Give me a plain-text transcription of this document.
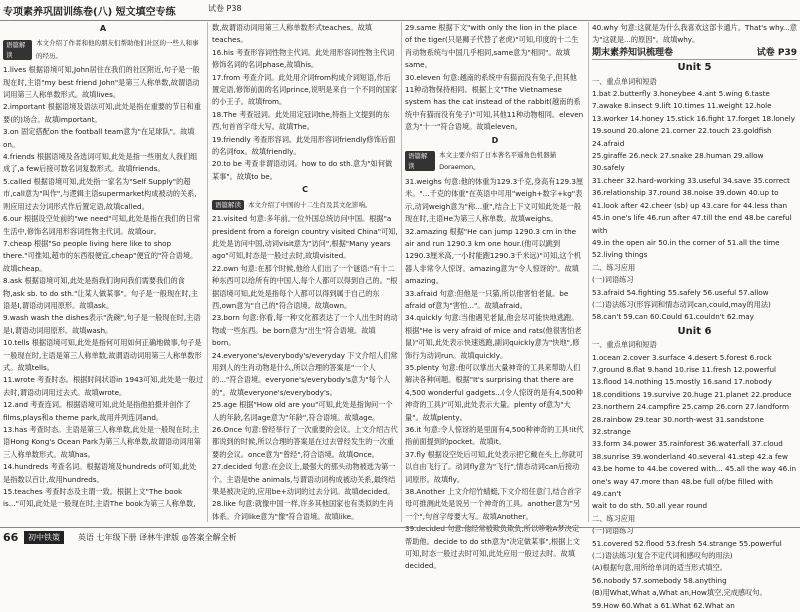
专项素养巩固训练卷(八) 短文填空专练	试卷 P38
A
语篇解读
本文介绍了作者和他的朋友们帮助他们社区的一些人和事的经历。

1.lives 根据语境可知,John居住在我们的社区附近,句子是一般现在时,主语"my best friend John"是第三人称单数,故谓语动词用第三人称单数形式。故填lives。

2.important 根据语境及语法可知,此处是指在重要的节日和重要(的)场合。故填important。

3.on 固定搭配on the football team意为"在足球队"。故填on。

4.friends 根据语境及各选词可知,此处是指一些朋友人我们组成了,a few后接可数名词复数形式。故填friends。

5.called 根据语境可知,此处指一家名为"Self Supply"的超市,call意为"叫作",与逻辑主语supermarket构成被动的关系,则应用过去分词形式作后置定语,故填called。

6.our 根据设空处前的"we need"可知,此处是指在我们的日常生活中,修饰名词用形容词性物主代词。故填our。

7.cheap 根据"So people living here like to shop there."可推知,超市的东西很便宜,cheap"便宜的"符合语境。故填cheap。

8.ask 根据语境可知,此处是指我们询问我们需要我们的食物,ask sb. to do sth."让某人做某事"。句子是一般现在时,主语是I,谓语动词用原形。故填ask。

9.wash wash the dishes表示"洗碗",句子是一般现在时,主语是I,谓语动词用原形。故填wash。

10.tells 根据语境可知,此处是指何可用如何正确地做事,句子是一般现在时,主语是第三人称单数,故谓语动词用第三人称单数形式。故填tells。

11.wrote 考查时态。根据时间状语in 1943可知,此处是一般过去时,谓语动词用过去式。故填wrote。

12.and 考查连词。根据语境可知,此处是指他拍摄并创作了films,plays和a theme park,故用并列连词and。

13.has 考查时态。主语是第三人称单数,此处是一般现在时,主语Hong Kong's Ocean Park为第三人称单数,故谓语动词用第三人称单数形式。故填has。

14.hundreds 考查名词。根据语境及hundreds of可知,此处是指数以百计,故用hundreds。

15.teaches 考查时态及主谓一致。根据上文"The book is..."可知,此处是一般现在时,主语The book为第三人称单数,

数,故谓语动词用第三人称单数形式teaches。故填teaches。

16.his 考查形容词性物主代词。此处用形容词性物主代词修饰名词的名词phase,故填his。

17.from 考查介词。此处用介词from构成介词短语,作后置定语,修饰前面的名词prince,说明是来自一个不同的国家的小王子。故填from。

18.The 考查冠词。此处用定冠词the,特指上文提到的东西,句首首字母大写。故填The。

19.friendly 考查形容词。此处用形容词friendly修饰后面的名词fox。故填friendly。

20.to be 考查非谓语动词。how to do sth.意为"如何做某事"。故填to be。

C
语篇解读	本文介绍了中国的十二生肖及其文化影响。

21.visited 句意:多年前,一位外国总统访问中国。根据"a president from a foreign country visited China"可知,此处是访问中国,动词visit意为"访问",根据"Many years ago"可知,时态是一般过去时,故填visited。

22.own 句意:在那个时候,他给人们出了一个谜语:"有十二种东西可以给所有的中国人,每个人都可以得到自己的。"根据语境可知,此处是指每个人都可以得到属于自己的东西,own意为"自己的"符合语境。故填own。

23.born 句意:你看,每一种文化都表达了一个人出生时的动物或一些东西。be born意为"出生"符合语境。故填born。

24.everyone's/everybody's/everyday 下文介绍人们常用到人的生肖动物是什么,所以合理的答案是"一个人的..."符合语境。everyone's/everybody's意为"每个人的"。故填everyone's/everybody's。

25.age 根据"How old are you"可知,此处是指询问一个人的年龄,名词age意为"年龄",符合语境。故填age。

26.Once 句意:曾经举行了一次重要的会议。上文介绍古代都说到的时候,所以合理的答案是在过去曾经发生的一次重要的会议。once意为"曾经",符合语境。故填Once。

27.decided 句意:在会议上,最强大的那头动物被选为第一个。主语是the animals,与谓语动词构成被动关系,最终结果是被决定的,应用be+动词的过去分词。故填decided。

28.like 句意:就像中国一样,许多其他国家也有类似的生肖体系。介词like意为"像"符合语境。故填like。

29.same 根据下文"with only the lion in the place of the tiger(只是狮子代替了老虎)"可知,印度的十二生肖动物系统与中国几乎相同,same意为"相同"。故填same。

30.eleven 句意:越南的系统中有猫而没有兔子,但其他11种动物保持相同。根据上文"The Vietnamese system has the cat instead of the rabbit(越南的系统中有猫而没有兔子)"可知,其他11种动物相同。eleven意为"十一"符合语境。故填eleven。

D
语篇解读
本文主要介绍了日本著名平遥角色机器猫Doraemon。

31.weighs 句意:他的体重为129.3千克,身高有129.3厘米。"...千克的体重"在英语中可用"weigh+数字+kg"表示,动词weigh意为"称...重",结合上下文可知此处是一般现在时,主语He为第三人称单数。故填weighs。

32.amazing 根据"He can jump 1290.3 cm in the air and run 1290.3 km one hour.(他可以跳到1290.3厘米高,一小时能跑1290.3千米远)"可知,这个机器人非常令人惊讶。amazing意为"令人惊讶的"。故填amazing。

33.afraid 句意:但他是一只猫,所以他害怕老鼠。be afraid of意为"害怕..."。故填afraid。

34.quickly 句意:当他遇见老鼠,他会尽可能快地逃跑。根据"He is very afraid of mice and rats(他很害怕老鼠)"可知,此处表示快速逃跑,副词quickly意为"快地",修饰行为动词run。故填quickly。

35.plenty 句意:他可以掌出大量神奇的工具来帮助人们解决各种问题。根据"It's surprising that there are 4,500 wonderful gadgets...(令人惊讶的是有4,500种神奇的工具)"可知,此处表示大量。plenty of意为"大量"。故填plenty。

36.it 句意:令人惊讶的是里面有4,500种神奇的工具!it代指前面提到的pocket。故填it。

37.fly 根据设空处后可知,此处表示把它戴在头上,你就可以自由飞行了。动词fly意为"飞行",情态动词can后接动词原形。故填fly。

38.Another 上文介绍竹蜻蜓,下文介绍任意门,结合首字母可推测此处是说另一个神奇的工具。another意为"另一个",句首字母要大写。故填Another。

39.decided 句意:他经常被欺负欺负,所以哆啦A梦决定帮助他。decide to do sth意为"决定做某事",根据上文可知,时态一般过去时可知,此处应用一般过去时。故填decided。

40.why 句意:这就是为什么我喜欢这部卡通片。That's why...意为"这就是...的原因"。故填why。

期末素养知识梳理卷	试卷 P39
Unit 5

一、重点单词和短语

1.bat 2.butterfly 3.honeybee 4.ant 5.wing 6.taste

7.awake 8.insect 9.lift 10.times 11.weight 12.hole

13.worker 14.honey 15.stick 16.fight 17.forget 18.lonely

19.sound 20.alone 21.corner 22.touch 23.goldfish 24.afraid

25.giraffe 26.neck 27.snake 28.human 29.allow 30.safely

31.cheer 32.hard-working 33.useful 34.save 35.correct

36.relationship 37.round 38.noise 39.down 40.up to

41.look after 42.cheer (sb) up 43.care for 44.less than

45.in one's life 46.run after 47.till the end 48.be careful with

49.in the open air 50.in the corner of 51.all the time

52.living things

二、练习应用

(一)词语练习

53.afraid 54.fighting 55.safely 56.useful 57.allow

(二)语法练习(形容词和情态动词can,could,may的用法)

58.can't 59.can 60.Could 61.couldn't 62.may

Unit 6

一、重点单词和短语

1.ocean 2.cover 3.surface 4.desert 5.forest 6.rock

7.ground 8.flat 9.hand 10.rise 11.fresh 12.powerful

13.flood 14.nothing 15.mostly 16.sand 17.nobody

18.conditions 19.survive 20.huge 21.planet 22.produce

23.northern 24.campfire 25.camp 26.corn 27.landform

28.rainbow 29.tear 30.north-west 31.sandstone 32.strange

33.form 34.power 35.rainforest 36.waterfall 37.cloud

38.sunrise 39.wonderland 40.several 41.step 42.a few

43.be home to 44.be covered with... 45.all the way 46.in

one's way 47.more than 48.be full of/be filled with 49.can't

wait to do sth. 50.all year round

二、练习应用

(一)词语练习

51.covered 52.flood 53.fresh 54.strange 55.powerful

(二)语法练习(复合不定代词和感叹句的用法)

(A)根据句意,用所给单词的适当形式填空。

56.nobody 57.somebody 58.anything

(B)用What,What a,What an,How填空,完成感叹句。

59.How 60.What a 61.What 62.What an

66	初中铁策	英语 七年级下册 译林牛津版 ◎答案全解全析
